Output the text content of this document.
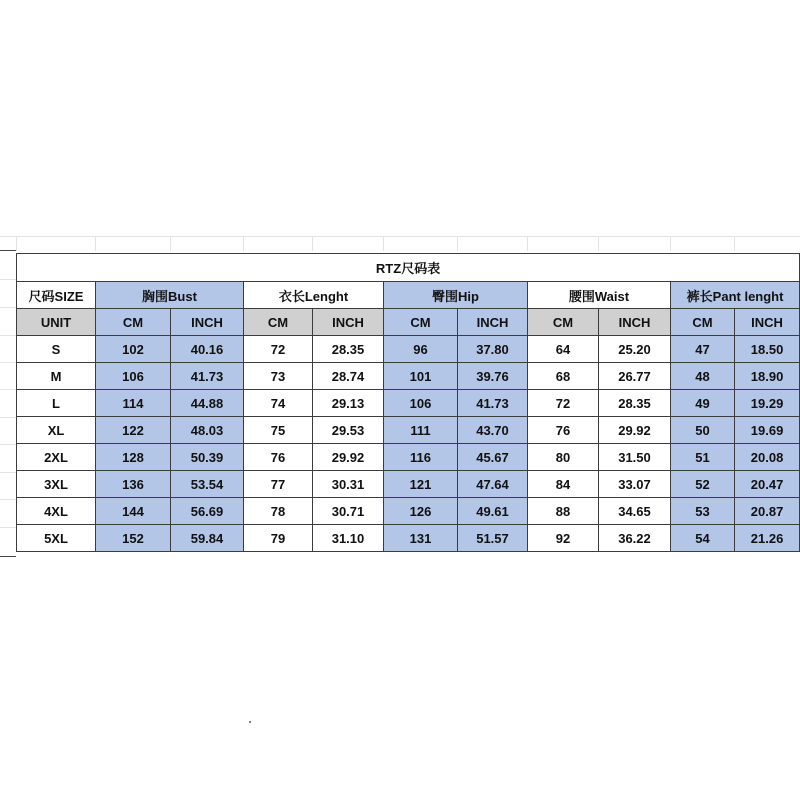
RTZ尺码表										
尺码SIZE	胸围Bust		衣长Lenght		臀围Hip		腰围Waist		裤长Pant lenght	
UNIT	CM	INCH	CM	INCH	CM	INCH	CM	INCH	CM	INCH
S	102	40.16	72	28.35	96	37.80	64	25.20	47	18.50
M	106	41.73	73	28.74	101	39.76	68	26.77	48	18.90
L	114	44.88	74	29.13	106	41.73	72	28.35	49	19.29
XL	122	48.03	75	29.53	111	43.70	76	29.92	50	19.69
2XL	128	50.39	76	29.92	116	45.67	80	31.50	51	20.08
3XL	136	53.54	77	30.31	121	47.64	84	33.07	52	20.47
4XL	144	56.69	78	30.71	126	49.61	88	34.65	53	20.87
5XL	152	59.84	79	31.10	131	51.57	92	36.22	54	21.26
